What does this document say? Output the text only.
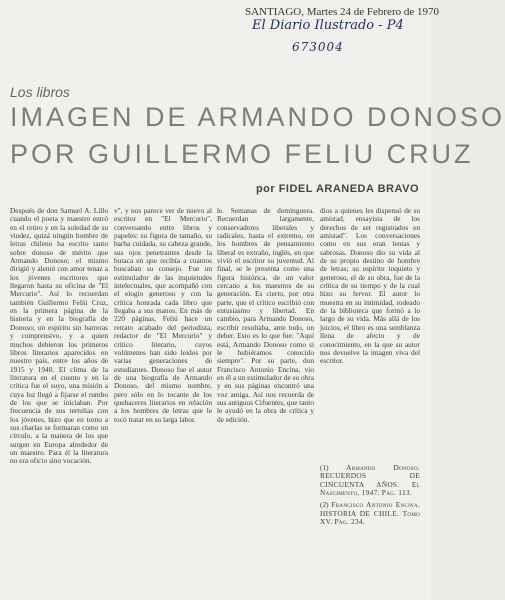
SANTIAGO, Martes 24 de Febrero de 1970
El Diario Ilustrado - P4
673004
Los libros
IMAGEN DE ARMANDO DONOSO
POR GUILLERMO FELIU CRUZ
por FIDEL ARANEDA BRAVO

Después de don Samuel A. Lillo cuando el poeta y maestro entró en el retiro y en la soledad de su viudez, quizá ningún hombre de letras chileno ha escrito tanto sobre donoso de mérito que Armando Donoso; el mismo dirigió y alentó con amor tenaz a los jóvenes escritores que llegaron hasta su oficina de "El Mercurio". Así lo recuerdan también Guillermo Feliú Cruz, en la primera página de la historia y en la biografía de Donoso; un espíritu sin barreras y comprensivo, y a quien muchos debieron los primeros libros literarios aparecidos en nuestro país, entre los años de 1915 y 1940. El clima de la literatura en el cuento y en la crítica fue el suyo, una misión a cuya luz llegó a fijarse el rumbo de los que se iniciaban. Por frecuencia de sus tertulias con los jóvenes, hizo que en torno a sus charlas se formaran como un círculo, a la manera de los que surgen en Europa alrededor de un maestro. Para él la literatura no era oficio sino vocación.

v", y nos parece ver de nuevo al escritor en "El Mercurio", conversando entre libros y papeles: su figura de tamaño, su barba cuidada, su cabeza grande, sus ojos penetrantes desde la butaca en que recibía a cuantos buscaban su consejo. Fue un estimulador de las inquietudes intelectuales, que acompañó con el elogio generoso y con la crítica honrada cada libro que llegaba a sus manos. En más de 220 páginas, Feliú hace un retrato acabado del periodista, redactor de "El Mercurio" y crítico literario, cuyos volúmenes han sido leídos por varias generaciones de estudiantes. Donoso fue el autor de una biografía de Armando Donoso, del mismo nombre, pero sólo en lo tocante de los quehaceres literarios en relación a los hombres de letras que le tocó tratar en su larga labor.

le. Semanas de dominguera. Recuerdan largamente, conservadores liberales y radicales, hasta el extremo, en los hombres de pensamiento liberal es extraño, inglés, en que vivió el escritor su juventud. Al final, se le presenta como una figura histórica, de un valor cercano a los maestros de su generación. Es cierto, por otra parte, que el crítico escribió con entusiasmo y libertad. En cambio, para Armando Donoso, escribir resultaba, ante todo, un deber. Esto es lo que fue: "Aquí está, Armando Donoso como si le hubiéramos conocido siempre". Por su parte, don Francisco Antonio Encina, vio en él a un estimulador de su obra y en sus páginas encontró una voz amiga. Así nos recuerda de sus antiguos Cifuentes, que tanto le ayudó en la obra de crítica y de edición.

dios a quienes les dispensó de su amistad, ensayista de los derechos de ser registrados en amistad". Los conversaciones como en sus eran lentas y sabrosas. Donoso dio su vida al de su propio destino de hombre de letras; su espíritu inquieto y generoso, el de su obra, fue de la crítica de su tiempo y de la cual hizo su fervor. El autor lo muestra en su intimidad, rodeado de la biblioteca que formó a lo largo de su vida. Más allá de los juicios, el libro es una semblanza llena de afecto y de conocimiento, en la que su autor nos devuelve la imagen viva del escritor.

(1) Armando Donoso. RECUERDOS DE CINCUENTA AÑOS. El Nascimento, 1947. Pág. 113.
(2) Francisco Antonio Encina. HISTORIA DE CHILE. Tomo XV. Pág. 234.
